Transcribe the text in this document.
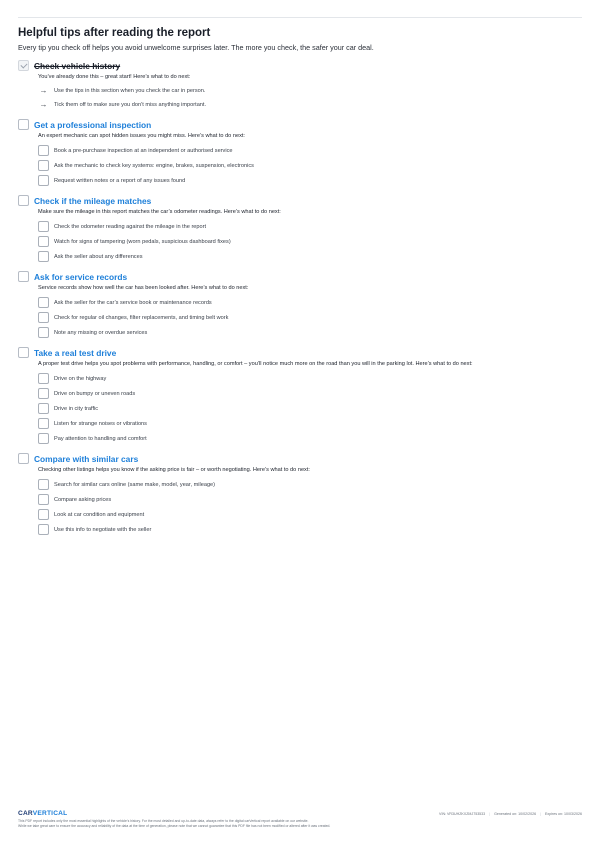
Helpful tips after reading the report
Every tip you check off helps you avoid unwelcome surprises later. The more you check, the safer your car deal.
Check vehicle history
You’ve already done this – great start! Here’s what to do next:
→ Use the tips in this section when you check the car in person.
→ Tick them off to make sure you don’t miss anything important.
Get a professional inspection
An expert mechanic can spot hidden issues you might miss. Here’s what to do next:
Book a pre-purchase inspection at an independent or authorised service
Ask the mechanic to check key systems: engine, brakes, suspension, electronics
Request written notes or a report of any issues found
Check if the mileage matches
Make sure the mileage in this report matches the car’s odometer readings. Here’s what to do next:
Check the odometer reading against the mileage in the report
Watch for signs of tampering (worn pedals, suspicious dashboard fixes)
Ask the seller about any differences
Ask for service records
Service records show how well the car has been looked after. Here’s what to do next:
Ask the seller for the car’s service book or maintenance records
Check for regular oil changes, filter replacements, and timing belt work
Note any missing or overdue services
Take a real test drive
A proper test drive helps you spot problems with performance, handling, or comfort – you’ll notice much more on the road than you will in the parking lot. Here’s what to do next:
Drive on the highway
Drive on bumpy or uneven roads
Drive in city traffic
Listen for strange noises or vibrations
Pay attention to handling and comfort
Compare with similar cars
Checking other listings helps you know if the asking price is fair – or worth negotiating. Here’s what to do next:
Search for similar cars online (same make, model, year, mileage)
Compare asking prices
Look at car condition and equipment
Use this info to negotiate with the seller
CARVERTICAL	VIN: VR3UHZKXZMJ753533 | Generated on: 10/02/2026 | Expires on: 10/03/2026
This PDF report includes only the most essential highlights of the vehicle's history. For the most detailed and up-to-date data, always refer to the digital carVertical report available on our website.
While we take great care to ensure the accuracy and reliability of the data at the time of generation, please note that we cannot guarantee that this PDF file has not been modified or altered after it was created.
